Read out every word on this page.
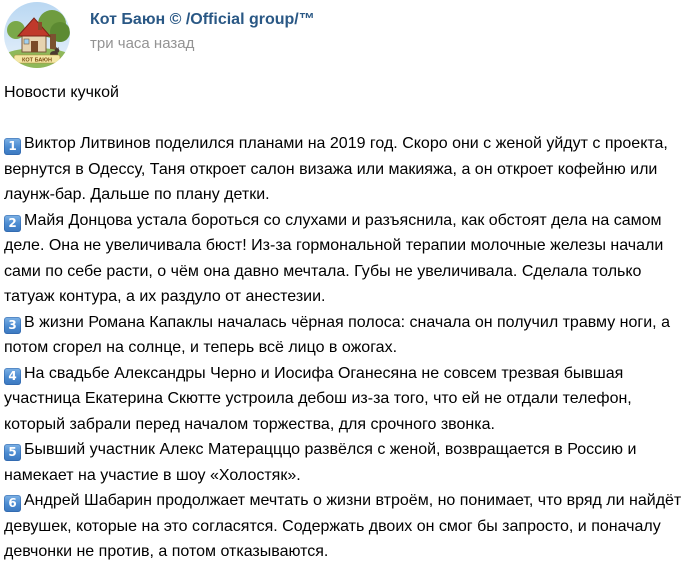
КОТ БАЮН
Кот Баюн © /Official group/™
три часа назад

Новости кучкой

1 Виктор Литвинов поделился планами на 2019 год. Скоро они с женой уйдут с проекта, вернутся в Одессу, Таня откроет салон визажа или макияжа, а он откроет кофейню или лаунж-бар. Дальше по плану детки.
2 Майя Донцова устала бороться со слухами и разъяснила, как обстоят дела на самом деле. Она не увеличивала бюст! Из-за гормональной терапии молочные железы начали сами по себе расти, о чём она давно мечтала. Губы не увеличивала. Сделала только татуаж контура, а их раздуло от анестезии.
3 В жизни Романа Капаклы началась чёрная полоса: сначала он получил травму ноги, а потом сгорел на солнце, и теперь всё лицо в ожогах.
4 На свадьбе Александры Черно и Иосифа Оганесяна не совсем трезвая бывшая участница Екатерина Скютте устроила дебош из-за того, что ей не отдали телефон, который забрали перед началом торжества, для срочного звонка.
5 Бывший участник Алекс Матерацццо развёлся с женой, возвращается в Россию и намекает на участие в шоу «Холостяк».
6 Андрей Шабарин продолжает мечтать о жизни втроём, но понимает, что вряд ли найдёт девушек, которые на это согласятся. Содержать двоих он смог бы запросто, и поначалу девчонки не против, а потом отказываются.
